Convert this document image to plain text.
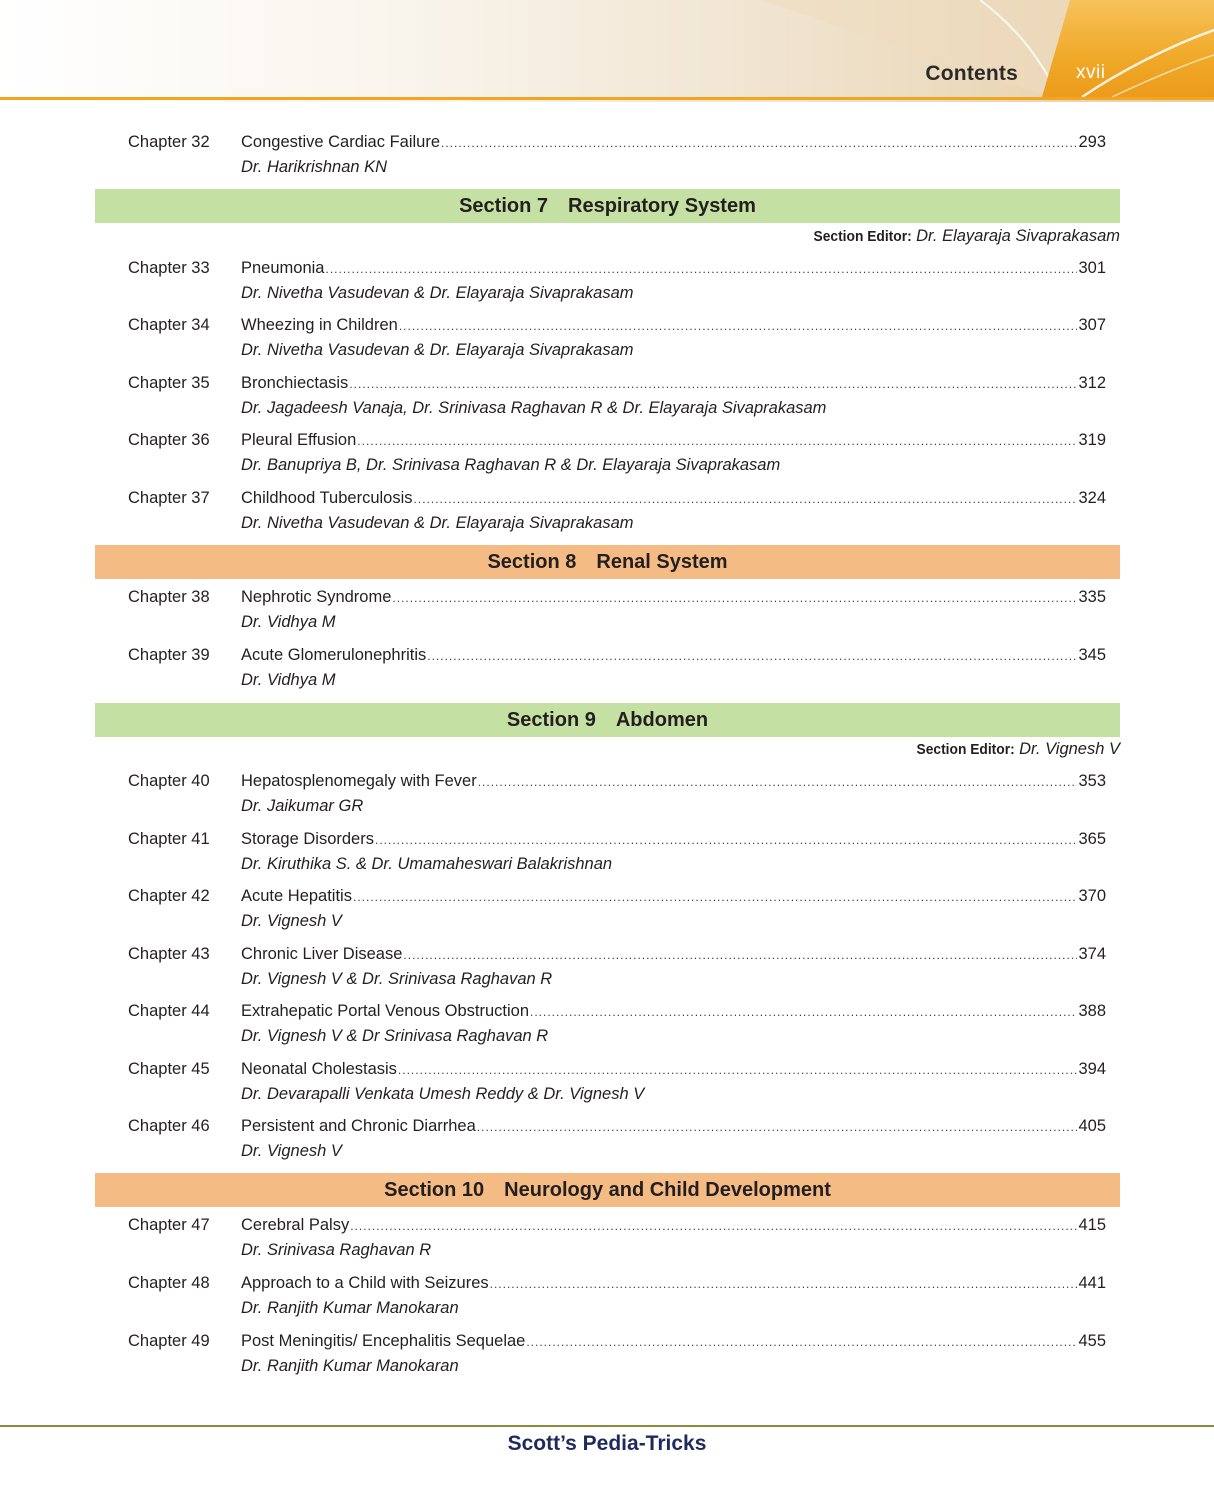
Contents	xvii
Chapter 32 Congestive Cardiac Failure .....	293
Dr. Harikrishnan KN
Section 7 Respiratory System
Section Editor: Dr. Elayaraja Sivaprakasam
Chapter 33 Pneumonia .....	301
Dr. Nivetha Vasudevan & Dr. Elayaraja Sivaprakasam
Chapter 34 Wheezing in Children .....	307
Dr. Nivetha Vasudevan & Dr. Elayaraja Sivaprakasam
Chapter 35 Bronchiectasis .....	312
Dr. Jagadeesh Vanaja, Dr. Srinivasa Raghavan R & Dr. Elayaraja Sivaprakasam
Chapter 36 Pleural Effusion .....	319
Dr. Banupriya B, Dr. Srinivasa Raghavan R & Dr. Elayaraja Sivaprakasam
Chapter 37 Childhood Tuberculosis .....	324
Dr. Nivetha Vasudevan & Dr. Elayaraja Sivaprakasam
Section 8 Renal System
Chapter 38 Nephrotic Syndrome .....	335
Dr. Vidhya M
Chapter 39 Acute Glomerulonephritis .....	345
Dr. Vidhya M
Section 9 Abdomen
Section Editor: Dr. Vignesh V
Chapter 40 Hepatosplenomegaly with Fever .....	353
Dr. Jaikumar GR
Chapter 41 Storage Disorders .....	365
Dr. Kiruthika S. & Dr. Umamaheswari Balakrishnan
Chapter 42 Acute Hepatitis .....	370
Dr. Vignesh V
Chapter 43 Chronic Liver Disease .....	374
Dr. Vignesh V & Dr. Srinivasa Raghavan R
Chapter 44 Extrahepatic Portal Venous Obstruction .....	388
Dr. Vignesh V & Dr Srinivasa Raghavan R
Chapter 45 Neonatal Cholestasis .....	394
Dr. Devarapalli Venkata Umesh Reddy & Dr. Vignesh V
Chapter 46 Persistent and Chronic Diarrhea .....	405
Dr. Vignesh V
Section 10 Neurology and Child Development
Chapter 47 Cerebral Palsy .....	415
Dr. Srinivasa Raghavan R
Chapter 48 Approach to a Child with Seizures .....	441
Dr. Ranjith Kumar Manokaran
Chapter 49 Post Meningitis/ Encephalitis Sequelae .....	455
Dr. Ranjith Kumar Manokaran
Scott’s Pedia-Tricks
